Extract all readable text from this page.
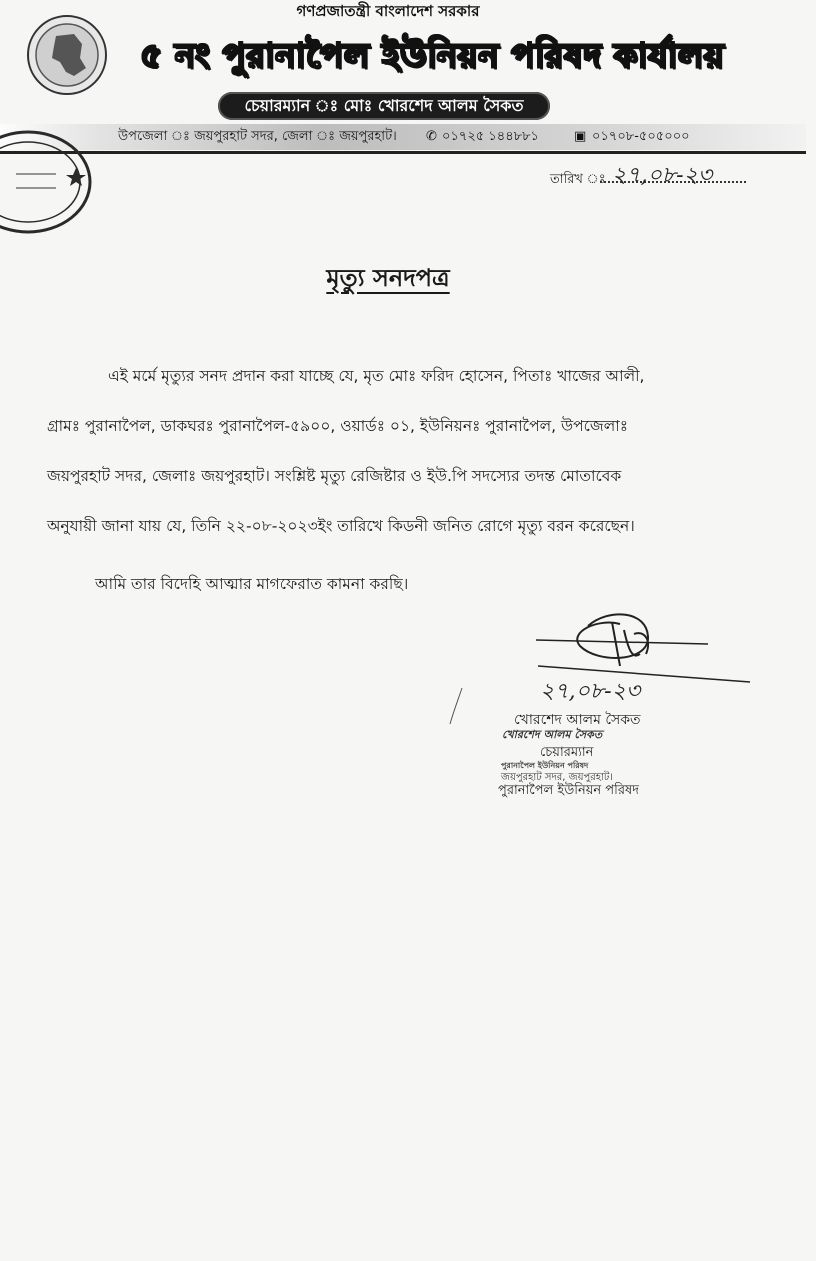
গণপ্রজাতন্ত্রী বাংলাদেশ সরকার
৫ নং পুরানাপৈল ইউনিয়ন পরিষদ কার্যালয়
চেয়ারম্যান ঃ মোঃ খোরশেদ আলম সৈকত
উপজেলা ঃ জয়পুরহাট সদর, জেলা ঃ জয়পুরহাট। ✆ ০১৭২৫ ১৪৪৮৮১	▣ ০১৭০৮-৫০৫০০০
তারিখ ঃ ২৭,০৮-২৩
মৃত্যু সনদপত্র
এই মর্মে মৃত্যুর সনদ প্রদান করা যাচ্ছে যে, মৃত মোঃ ফরিদ হোসেন, পিতাঃ খাজের আলী,
গ্রামঃ পুরানাপৈল, ডাকঘরঃ পুরানাপৈল-৫৯০০, ওয়ার্ডঃ ০১, ইউনিয়নঃ পুরানাপৈল, উপজেলাঃ
জয়পুরহাট সদর, জেলাঃ জয়পুরহাট। সংশ্লিষ্ট মৃত্যু রেজিষ্টার ও ইউ.পি সদস্যের তদন্ত মোতাবেক
অনুযায়ী জানা যায় যে, তিনি ২২-০৮-২০২৩ইং তারিখে কিডনী জনিত রোগে মৃত্যু বরন করেছেন।
আমি তার বিদেহি আত্মার মাগফেরাত কামনা করছি।
২৭,০৮-২৩
খোরশেদ আলম সৈকত
খোরশেদ আলম সৈকত
চেয়ারম্যান
পুরানাপৈল ইউনিয়ন পরিষদ
জয়পুরহাট সদর, জয়পুরহাট।
পুরানাপৈল ইউনিয়ন পরিষদ
